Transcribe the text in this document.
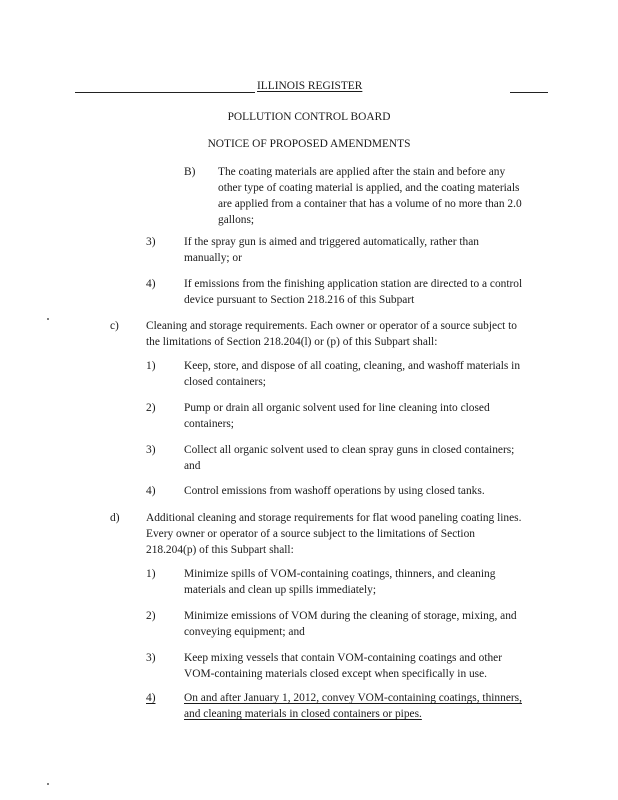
ILLINOIS REGISTER
POLLUTION CONTROL BOARD
NOTICE OF PROPOSED AMENDMENTS
B) The coating materials are applied after the stain and before any
other type of coating material is applied, and the coating materials
are applied from a container that has a volume of no more than 2.0
gallons;
3)	If the spray gun is aimed and triggered automatically, rather than
manually; or
4)	If emissions from the finishing application station are directed to a control
device pursuant to Section 218.216 of this Subpart
c) Cleaning and storage requirements. Each owner or operator of a source subject to
the limitations of Section 218.204(l) or (p) of this Subpart shall:
1)	Keep, store, and dispose of all coating, cleaning, and washoff materials in
closed containers;
2)	Pump or drain all organic solvent used for line cleaning into closed
containers;
3)	Collect all organic solvent used to clean spray guns in closed containers;
and
4)	Control emissions from washoff operations by using closed tanks.
d) Additional cleaning and storage requirements for flat wood paneling coating lines.
Every owner or operator of a source subject to the limitations of Section
218.204(p) of this Subpart shall:
1)	Minimize spills of VOM-containing coatings, thinners, and cleaning
materials and clean up spills immediately;
2)	Minimize emissions of VOM during the cleaning of storage, mixing, and
conveying equipment; and
3)	Keep mixing vessels that contain VOM-containing coatings and other
VOM-containing materials closed except when specifically in use.
4)	On and after January 1, 2012, convey VOM-containing coatings, thinners,
and cleaning materials in closed containers or pipes.
